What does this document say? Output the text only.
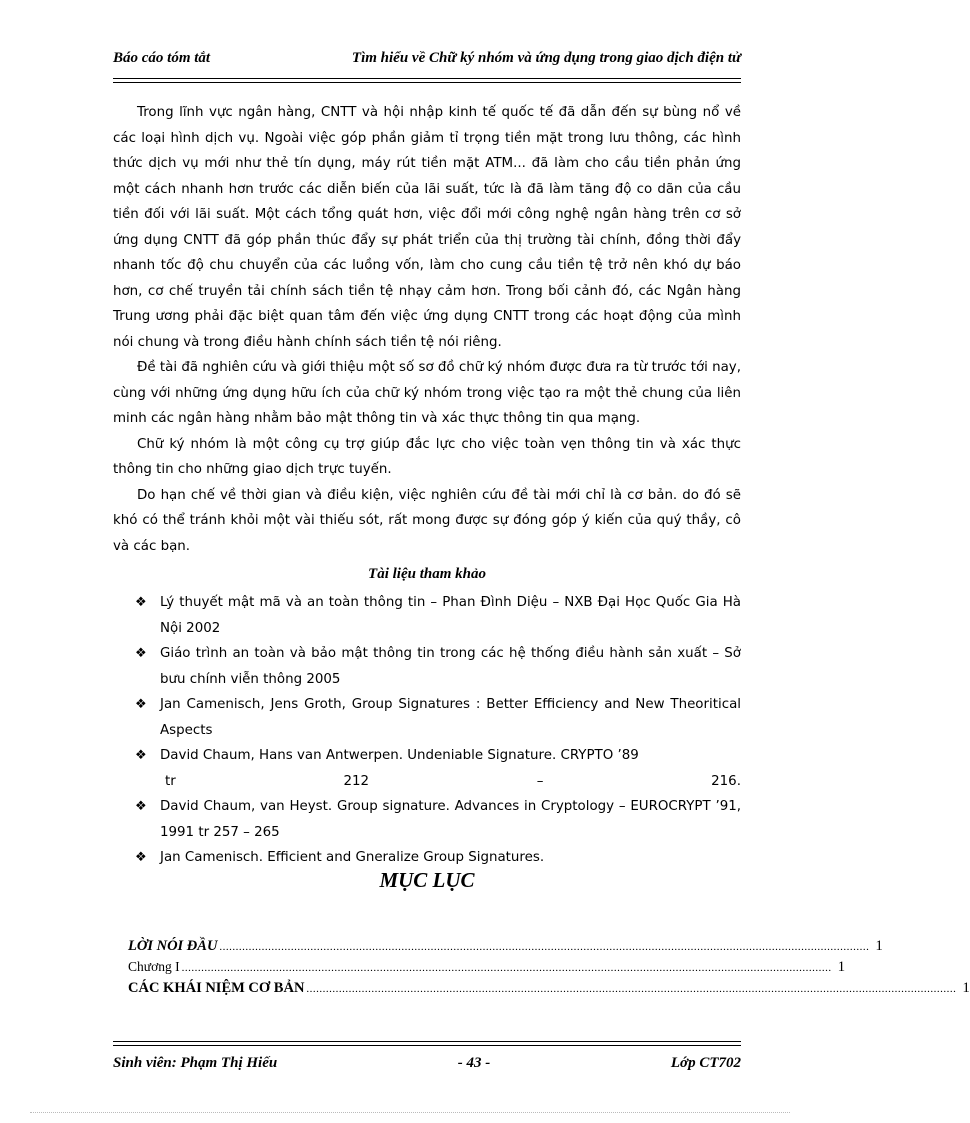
Báo cáo tóm tắt	Tìm hiểu về Chữ ký nhóm và ứng dụng trong giao dịch điện tử

Trong lĩnh vực ngân hàng, CNTT và hội nhập kinh tế quốc tế đã dẫn đến sự bùng nổ về các loại hình dịch vụ. Ngoài việc góp phần giảm tỉ trọng tiền mặt trong lưu thông, các hình thức dịch vụ mới như thẻ tín dụng, máy rút tiền mặt ATM... đã làm cho cầu tiền phản ứng một cách nhanh hơn trước các diễn biến của lãi suất, tức là đã làm tăng độ co dãn của cầu tiền đối với lãi suất. Một cách tổng quát hơn, việc đổi mới công nghệ ngân hàng trên cơ sở ứng dụng CNTT đã góp phần thúc đẩy sự phát triển của thị trường tài chính, đồng thời đẩy nhanh tốc độ chu chuyển của các luồng vốn, làm cho cung cầu tiền tệ trở nên khó dự báo hơn, cơ chế truyền tải chính sách tiền tệ nhạy cảm hơn. Trong bối cảnh đó, các Ngân hàng Trung ương phải đặc biệt quan tâm đến việc ứng dụng CNTT trong các hoạt động của mình nói chung và trong điều hành chính sách tiền tệ nói riêng.

Đề tài đã nghiên cứu và giới thiệu một số sơ đồ chữ ký nhóm được đưa ra từ trước tới nay, cùng với những ứng dụng hữu ích của chữ ký nhóm trong việc tạo ra một thẻ chung của liên minh các ngân hàng nhằm bảo mật thông tin và xác thực thông tin qua mạng.

Chữ ký nhóm là một công cụ trợ giúp đắc lực cho việc toàn vẹn thông tin và xác thực thông tin cho những giao dịch trực tuyến.

Do hạn chế về thời gian và điều kiện, việc nghiên cứu đề tài mới chỉ là cơ bản. do đó sẽ khó có thể tránh khỏi một vài thiếu sót, rất mong được sự đóng góp ý kiến của quý thầy, cô và các bạn.

Tài liệu tham khảo
❖ Lý thuyết mật mã và an toàn thông tin – Phan Đình Diệu – NXB Đại Học Quốc Gia Hà Nội 2002
❖ Giáo trình an toàn và bảo mật thông tin trong các hệ thống điều hành sản xuất – Sở bưu chính viễn thông 2005
❖ Jan Camenisch, Jens Groth, Group Signatures : Better Efficiency and New Theoritical Aspects
❖ David Chaum, Hans van Antwerpen. Undeniable Signature. CRYPTO ’89
tr	212	–	216.
❖ David Chaum, van Heyst. Group signature. Advances in Cryptology – EUROCRYPT ’91, 1991 tr 257 – 265
❖ Jan Camenisch. Efficient and Gneralize Group Signatures.
MỤC LỤC
LỜI NÓI ĐẦU ........................................................................................................................................................................................................ 1
Chương I ........................................................................................................................................................................................................ 1
CÁC KHÁI NIỆM CƠ BẢN ........................................................................................................................................................................................................ 1
Sinh viên: Phạm Thị Hiếu	- 43 -	Lớp CT702
